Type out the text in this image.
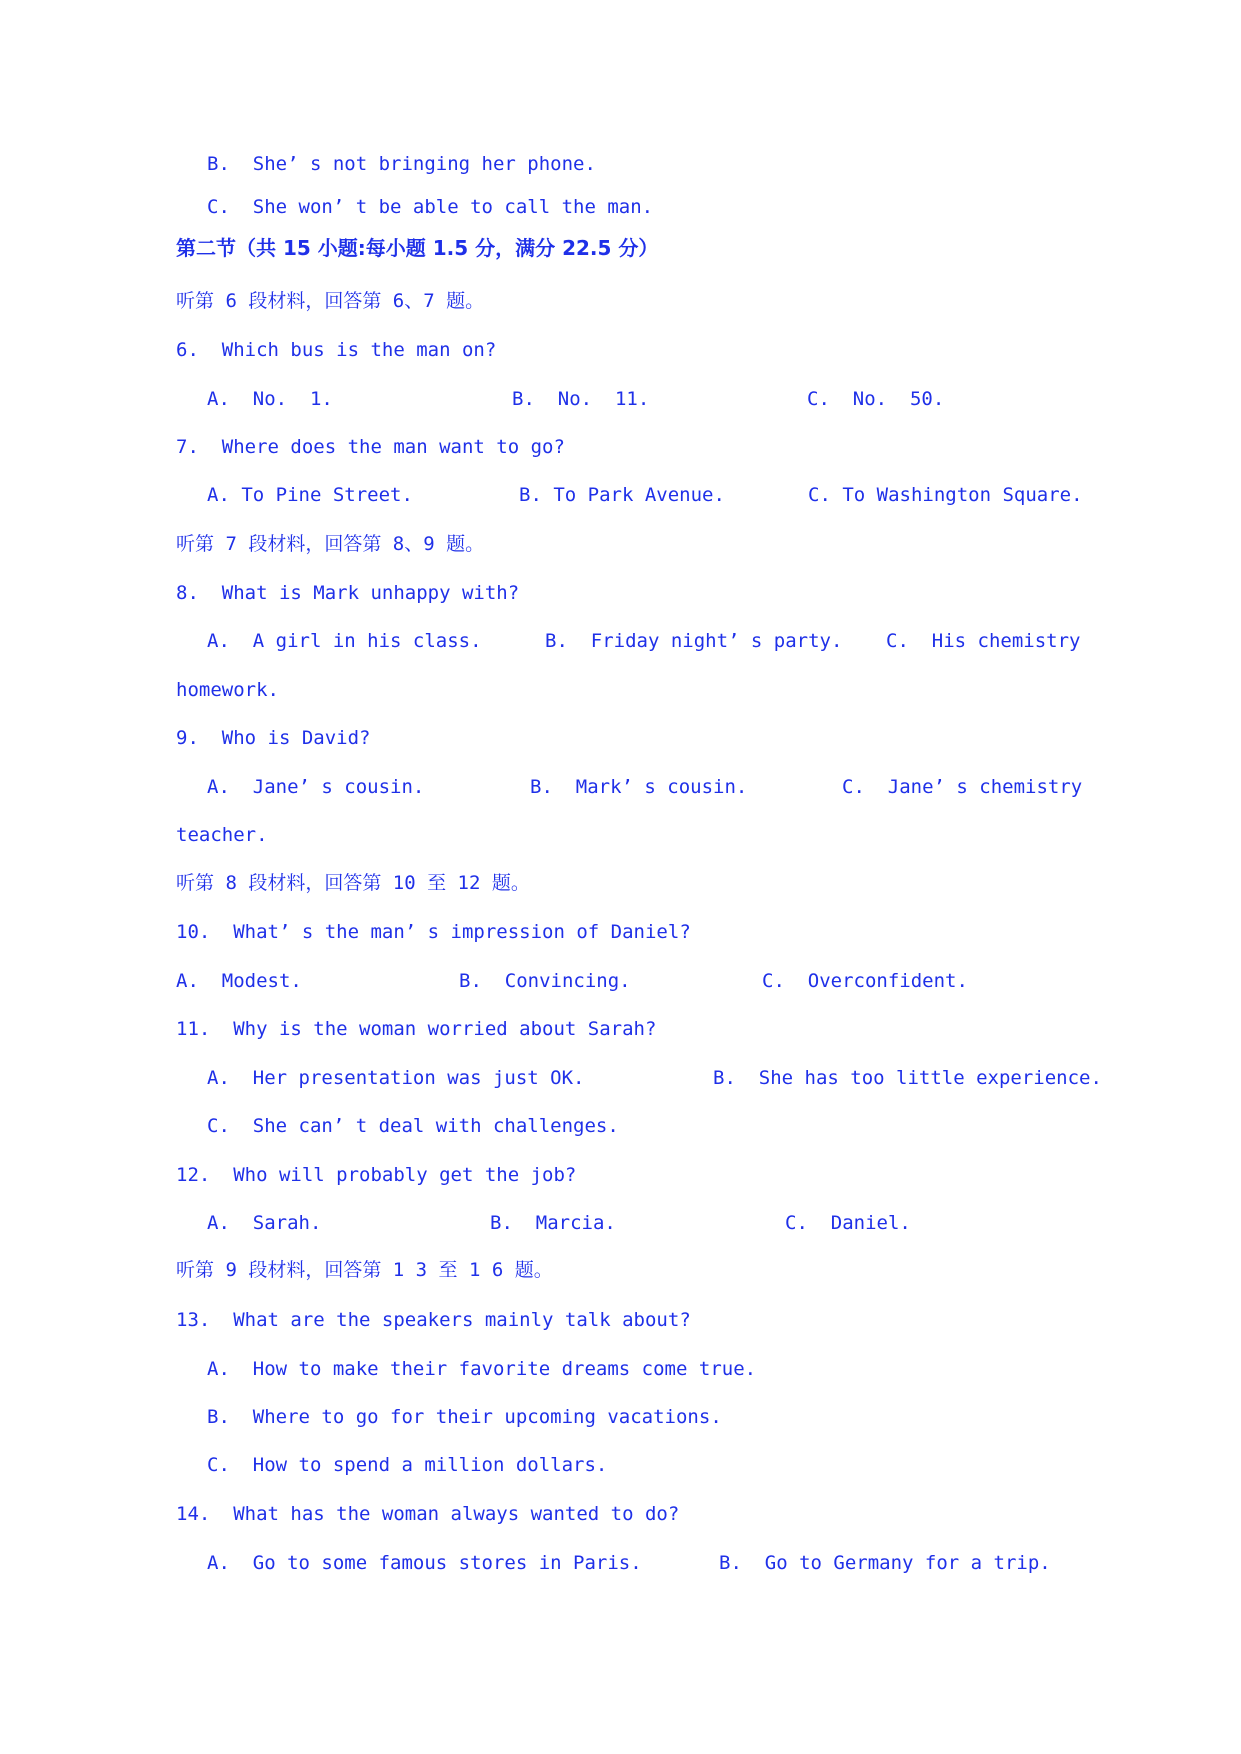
B.  She’ s not bringing her phone.
C.  She won’ t be able to call the man.
第二节（共 15 小题:每小题 1.5 分，满分 22.5 分）
听第 6 段材料，回答第 6、7 题。
6.  Which bus is the man on?
A.  No.  1.	B.  No.  11.	C.  No.  50.
7.  Where does the man want to go?
A. To Pine Street.	B. To Park Avenue.	C. To Washington Square.
听第 7 段材料，回答第 8、9 题。
8.  What is Mark unhappy with?
A.  A girl in his class.	B.  Friday night’ s party. C.  His chemistry
homework.
9.  Who is David?
A.  Jane’ s cousin.	B.  Mark’ s cousin.	C.  Jane’ s chemistry
teacher.
听第 8 段材料，回答第 10 至 12 题。
10.  What’ s the man’ s impression of Daniel?
A.  Modest.	B.  Convincing.	C.  Overconfident.
11.  Why is the woman worried about Sarah?
A.  Her presentation was just OK.	B.  She has too little experience.
C.  She can’ t deal with challenges.
12.  Who will probably get the job?
A.  Sarah.	B.  Marcia.	C.  Daniel.
听第 9 段材料，回答第 1 3 至 1 6 题。
13.  What are the speakers mainly talk about?
A.  How to make their favorite dreams come true.
B.  Where to go for their upcoming vacations.
C.  How to spend a million dollars.
14.  What has the woman always wanted to do?
A.  Go to some famous stores in Paris.	B.  Go to Germany for a trip.
